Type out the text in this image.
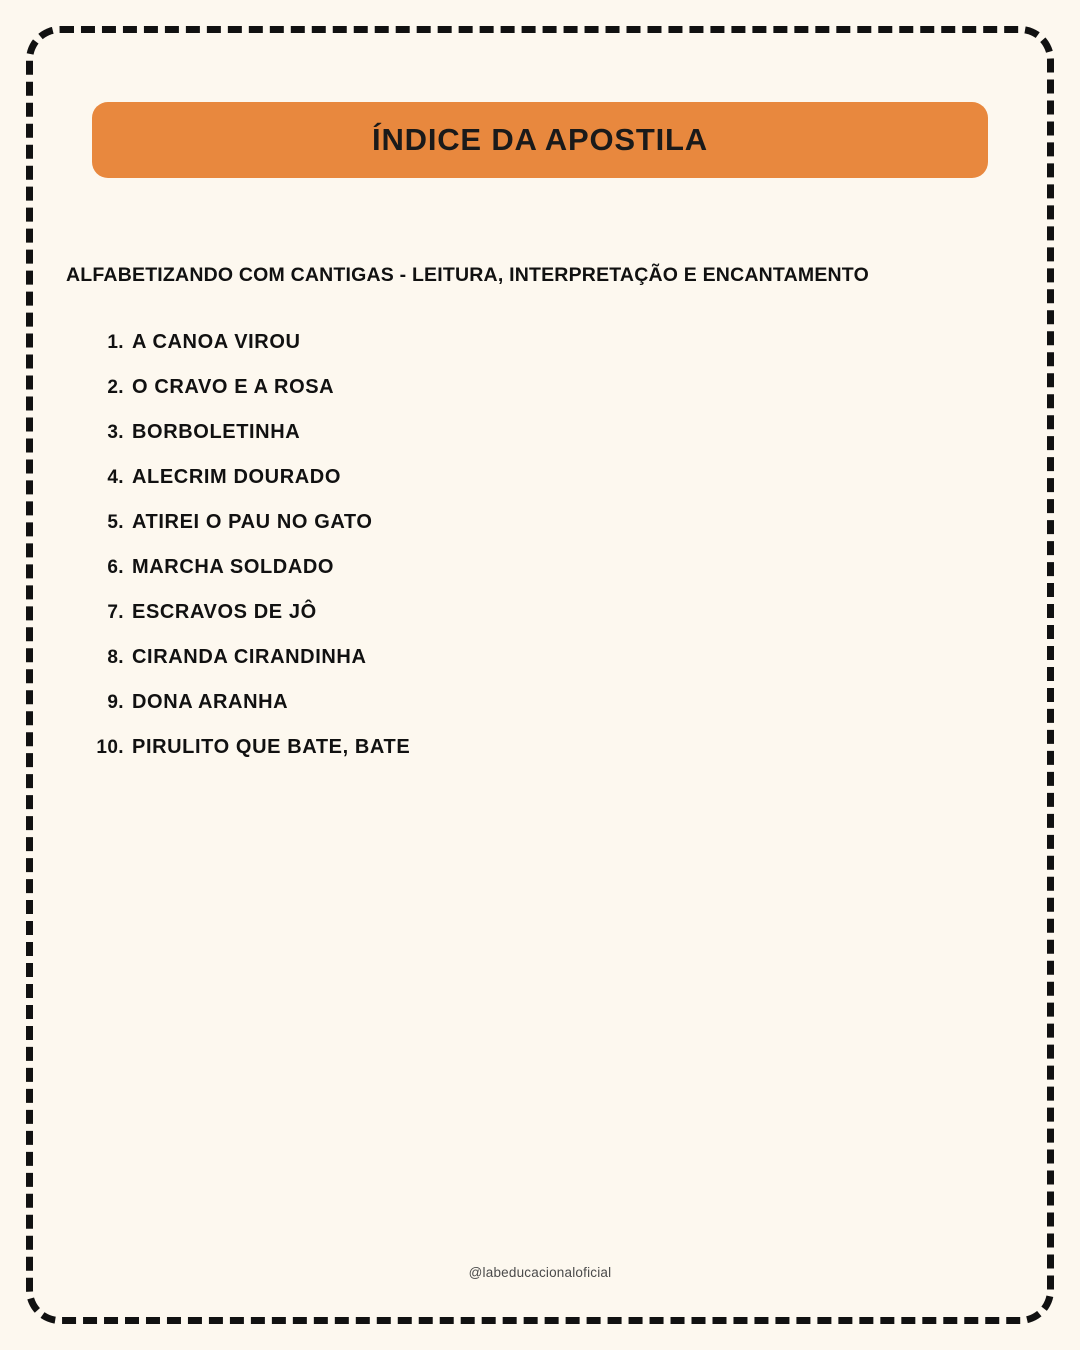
ÍNDICE DA APOSTILA
ALFABETIZANDO COM CANTIGAS - LEITURA, INTERPRETAÇÃO E ENCANTAMENTO
1. A CANOA VIROU
2. O CRAVO E A ROSA
3. BORBOLETINHA
4. ALECRIM DOURADO
5. ATIREI O PAU NO GATO
6. MARCHA SOLDADO
7. ESCRAVOS DE JÔ
8. CIRANDA CIRANDINHA
9. DONA ARANHA
10. PIRULITO QUE BATE, BATE
@labeducacionaloficial
